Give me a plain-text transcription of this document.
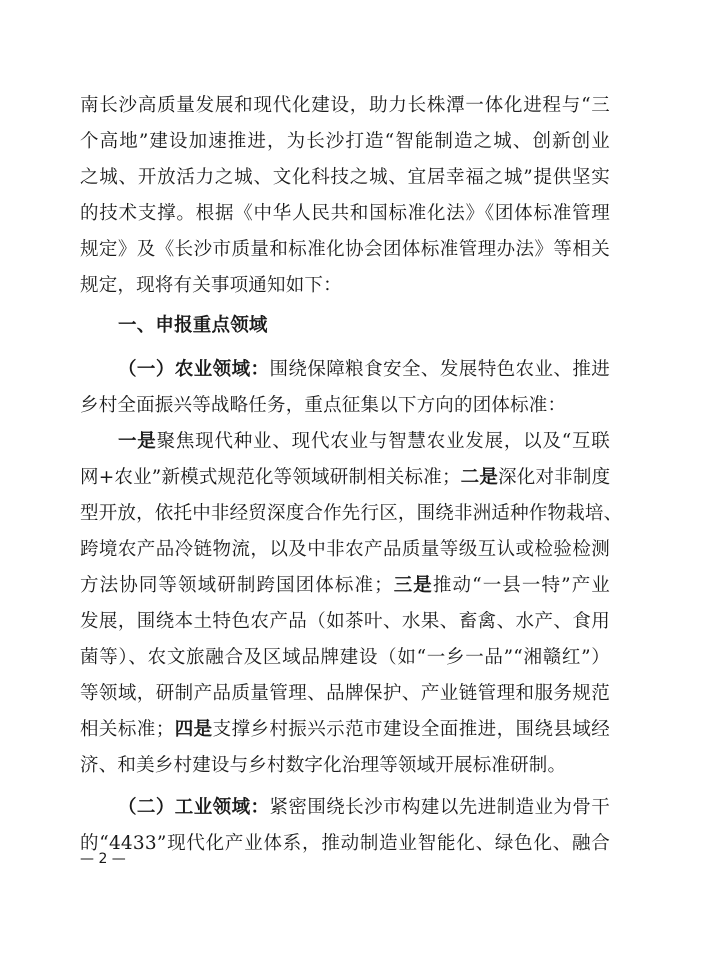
南长沙高质量发展和现代化建设，助力长株潭一体化进程与“三
个高地”建设加速推进，为长沙打造“智能制造之城、创新创业
之城、开放活力之城、文化科技之城、宜居幸福之城”提供坚实
的技术支撑。根据《中华人民共和国标准化法》《团体标准管理
规定》及《长沙市质量和标准化协会团体标准管理办法》等相关
规定，现将有关事项通知如下：
一、申报重点领域
（一）农业领域：围绕保障粮食安全、发展特色农业、推进
乡村全面振兴等战略任务，重点征集以下方向的团体标准：
一是聚焦现代种业、现代农业与智慧农业发展，以及“互联
网+农业”新模式规范化等领域研制相关标准；二是深化对非制度
型开放，依托中非经贸深度合作先行区，围绕非洲适种作物栽培、
跨境农产品冷链物流，以及中非农产品质量等级互认或检验检测
方法协同等领域研制跨国团体标准；三是推动“一县一特”产业
发展，围绕本土特色农产品（如茶叶、水果、畜禽、水产、食用
菌等）、农文旅融合及区域品牌建设（如“一乡一品”“湘赣红”）
等领域，研制产品质量管理、品牌保护、产业链管理和服务规范
相关标准；四是支撑乡村振兴示范市建设全面推进，围绕县域经
济、和美乡村建设与乡村数字化治理等领域开展标准研制。
（二）工业领域：紧密围绕长沙市构建以先进制造业为骨干
的“4433”现代化产业体系，推动制造业智能化、绿色化、融合
— 2 —
